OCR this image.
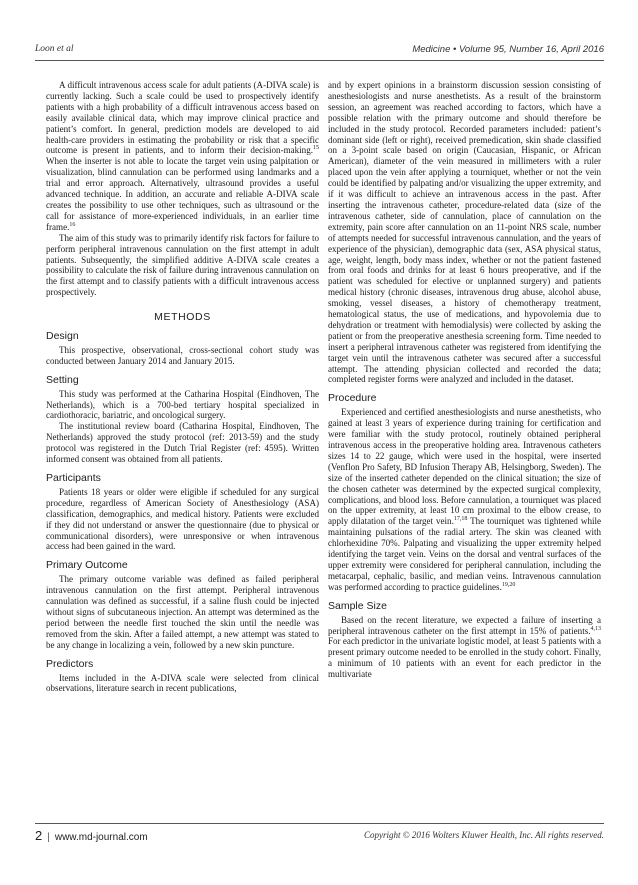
Loon et al	Medicine • Volume 95, Number 16, April 2016

A difficult intravenous access scale for adult patients (A-DIVA scale) is currently lacking. Such a scale could be used to prospectively identify patients with a high probability of a difficult intravenous access based on easily available clinical data, which may improve clinical practice and patient’s comfort. In general, prediction models are developed to aid health-care providers in estimating the probability or risk that a specific outcome is present in patients, and to inform their decision-making.$^{15}$ When the inserter is not able to locate the target vein using palpitation or visualization, blind cannulation can be performed using landmarks and a trial and error approach. Alternatively, ultrasound provides a useful advanced technique. In addition, an accurate and reliable A-DIVA scale creates the possibility to use other techniques, such as ultrasound or the call for assistance of more-experienced individuals, in an earlier time frame.$^{16}$

The aim of this study was to primarily identify risk factors for failure to perform peripheral intravenous cannulation on the first attempt in adult patients. Subsequently, the simplified additive A-DIVA scale creates a possibility to calculate the risk of failure during intravenous cannulation on the first attempt and to classify patients with a difficult intravenous access prospectively.

METHODS
Design

This prospective, observational, cross-sectional cohort study was conducted between January 2014 and January 2015.

Setting

This study was performed at the Catharina Hospital (Eindhoven, The Netherlands), which is a 700-bed tertiary hospital specialized in cardiothoracic, bariatric, and oncological surgery.

The institutional review board (Catharina Hospital, Eindhoven, The Netherlands) approved the study protocol (ref: 2013-59) and the study protocol was registered in the Dutch Trial Register (ref: 4595). Written informed consent was obtained from all patients.

Participants

Patients 18 years or older were eligible if scheduled for any surgical procedure, regardless of American Society of Anesthesiology (ASA) classification, demographics, and medical history. Patients were excluded if they did not understand or answer the questionnaire (due to physical or communicational disorders), were unresponsive or when intravenous access had been gained in the ward.

Primary Outcome

The primary outcome variable was defined as failed peripheral intravenous cannulation on the first attempt. Peripheral intravenous cannulation was defined as successful, if a saline flush could be injected without signs of subcutaneous injection. An attempt was determined as the period between the needle first touched the skin until the needle was removed from the skin. After a failed attempt, a new attempt was stated to be any change in localizing a vein, followed by a new skin puncture.

Predictors

Items included in the A-DIVA scale were selected from clinical observations, literature search in recent publications,

and by expert opinions in a brainstorm discussion session consisting of anesthesiologists and nurse anesthetists. As a result of the brainstorm session, an agreement was reached according to factors, which have a possible relation with the primary outcome and should therefore be included in the study protocol. Recorded parameters included: patient’s dominant side (left or right), received premedication, skin shade classified on a 3-point scale based on origin (Caucasian, Hispanic, or African American), diameter of the vein measured in millimeters with a ruler placed upon the vein after applying a tourniquet, whether or not the vein could be identified by palpating and/or visualizing the upper extremity, and if it was difficult to achieve an intravenous access in the past. After inserting the intravenous catheter, procedure-related data (size of the intravenous catheter, side of cannulation, place of cannulation on the extremity, pain score after cannulation on an 11-point NRS scale, number of attempts needed for successful intravenous cannulation, and the years of experience of the physician), demographic data (sex, ASA physical status, age, weight, length, body mass index, whether or not the patient fastened from oral foods and drinks for at least 6 hours preoperative, and if the patient was scheduled for elective or unplanned surgery) and patients medical history (chronic diseases, intravenous drug abuse, alcohol abuse, smoking, vessel diseases, a history of chemotherapy treatment, hematological status, the use of medications, and hypovolemia due to dehydration or treatment with hemodialysis) were collected by asking the patient or from the preoperative anesthesia screening form. Time needed to insert a peripheral intravenous catheter was registered from identifying the target vein until the intravenous catheter was secured after a successful attempt. The attending physician collected and recorded the data; completed register forms were analyzed and included in the dataset.

Procedure

Experienced and certified anesthesiologists and nurse anesthetists, who gained at least 3 years of experience during training for certification and were familiar with the study protocol, routinely obtained peripheral intravenous access in the preoperative holding area. Intravenous catheters sizes 14 to 22 gauge, which were used in the hospital, were inserted (Venflon Pro Safety, BD Infusion Therapy AB, Helsingborg, Sweden). The size of the inserted catheter depended on the clinical situation; the size of the chosen catheter was determined by the expected surgical complexity, complications, and blood loss. Before cannulation, a tourniquet was placed on the upper extremity, at least 10 cm proximal to the elbow crease, to apply dilatation of the target vein.$^{17,18}$ The tourniquet was tightened while maintaining pulsations of the radial artery. The skin was cleaned with chlorhexidine 70%. Palpating and visualizing the upper extremity helped identifying the target vein. Veins on the dorsal and ventral surfaces of the upper extremity were considered for peripheral cannulation, including the metacarpal, cephalic, basilic, and median veins. Intravenous cannulation was performed according to practice guidelines.$^{19,20}$

Sample Size

Based on the recent literature, we expected a failure of inserting a peripheral intravenous catheter on the first attempt in 15% of patients.$^{4,13}$ For each predictor in the univariate logistic model, at least 5 patients with a present primary outcome needed to be enrolled in the study cohort. Finally, a minimum of 10 patients with an event for each predictor in the multivariate

2 | www.md-journal.com	Copyright © 2016 Wolters Kluwer Health, Inc. All rights reserved.
